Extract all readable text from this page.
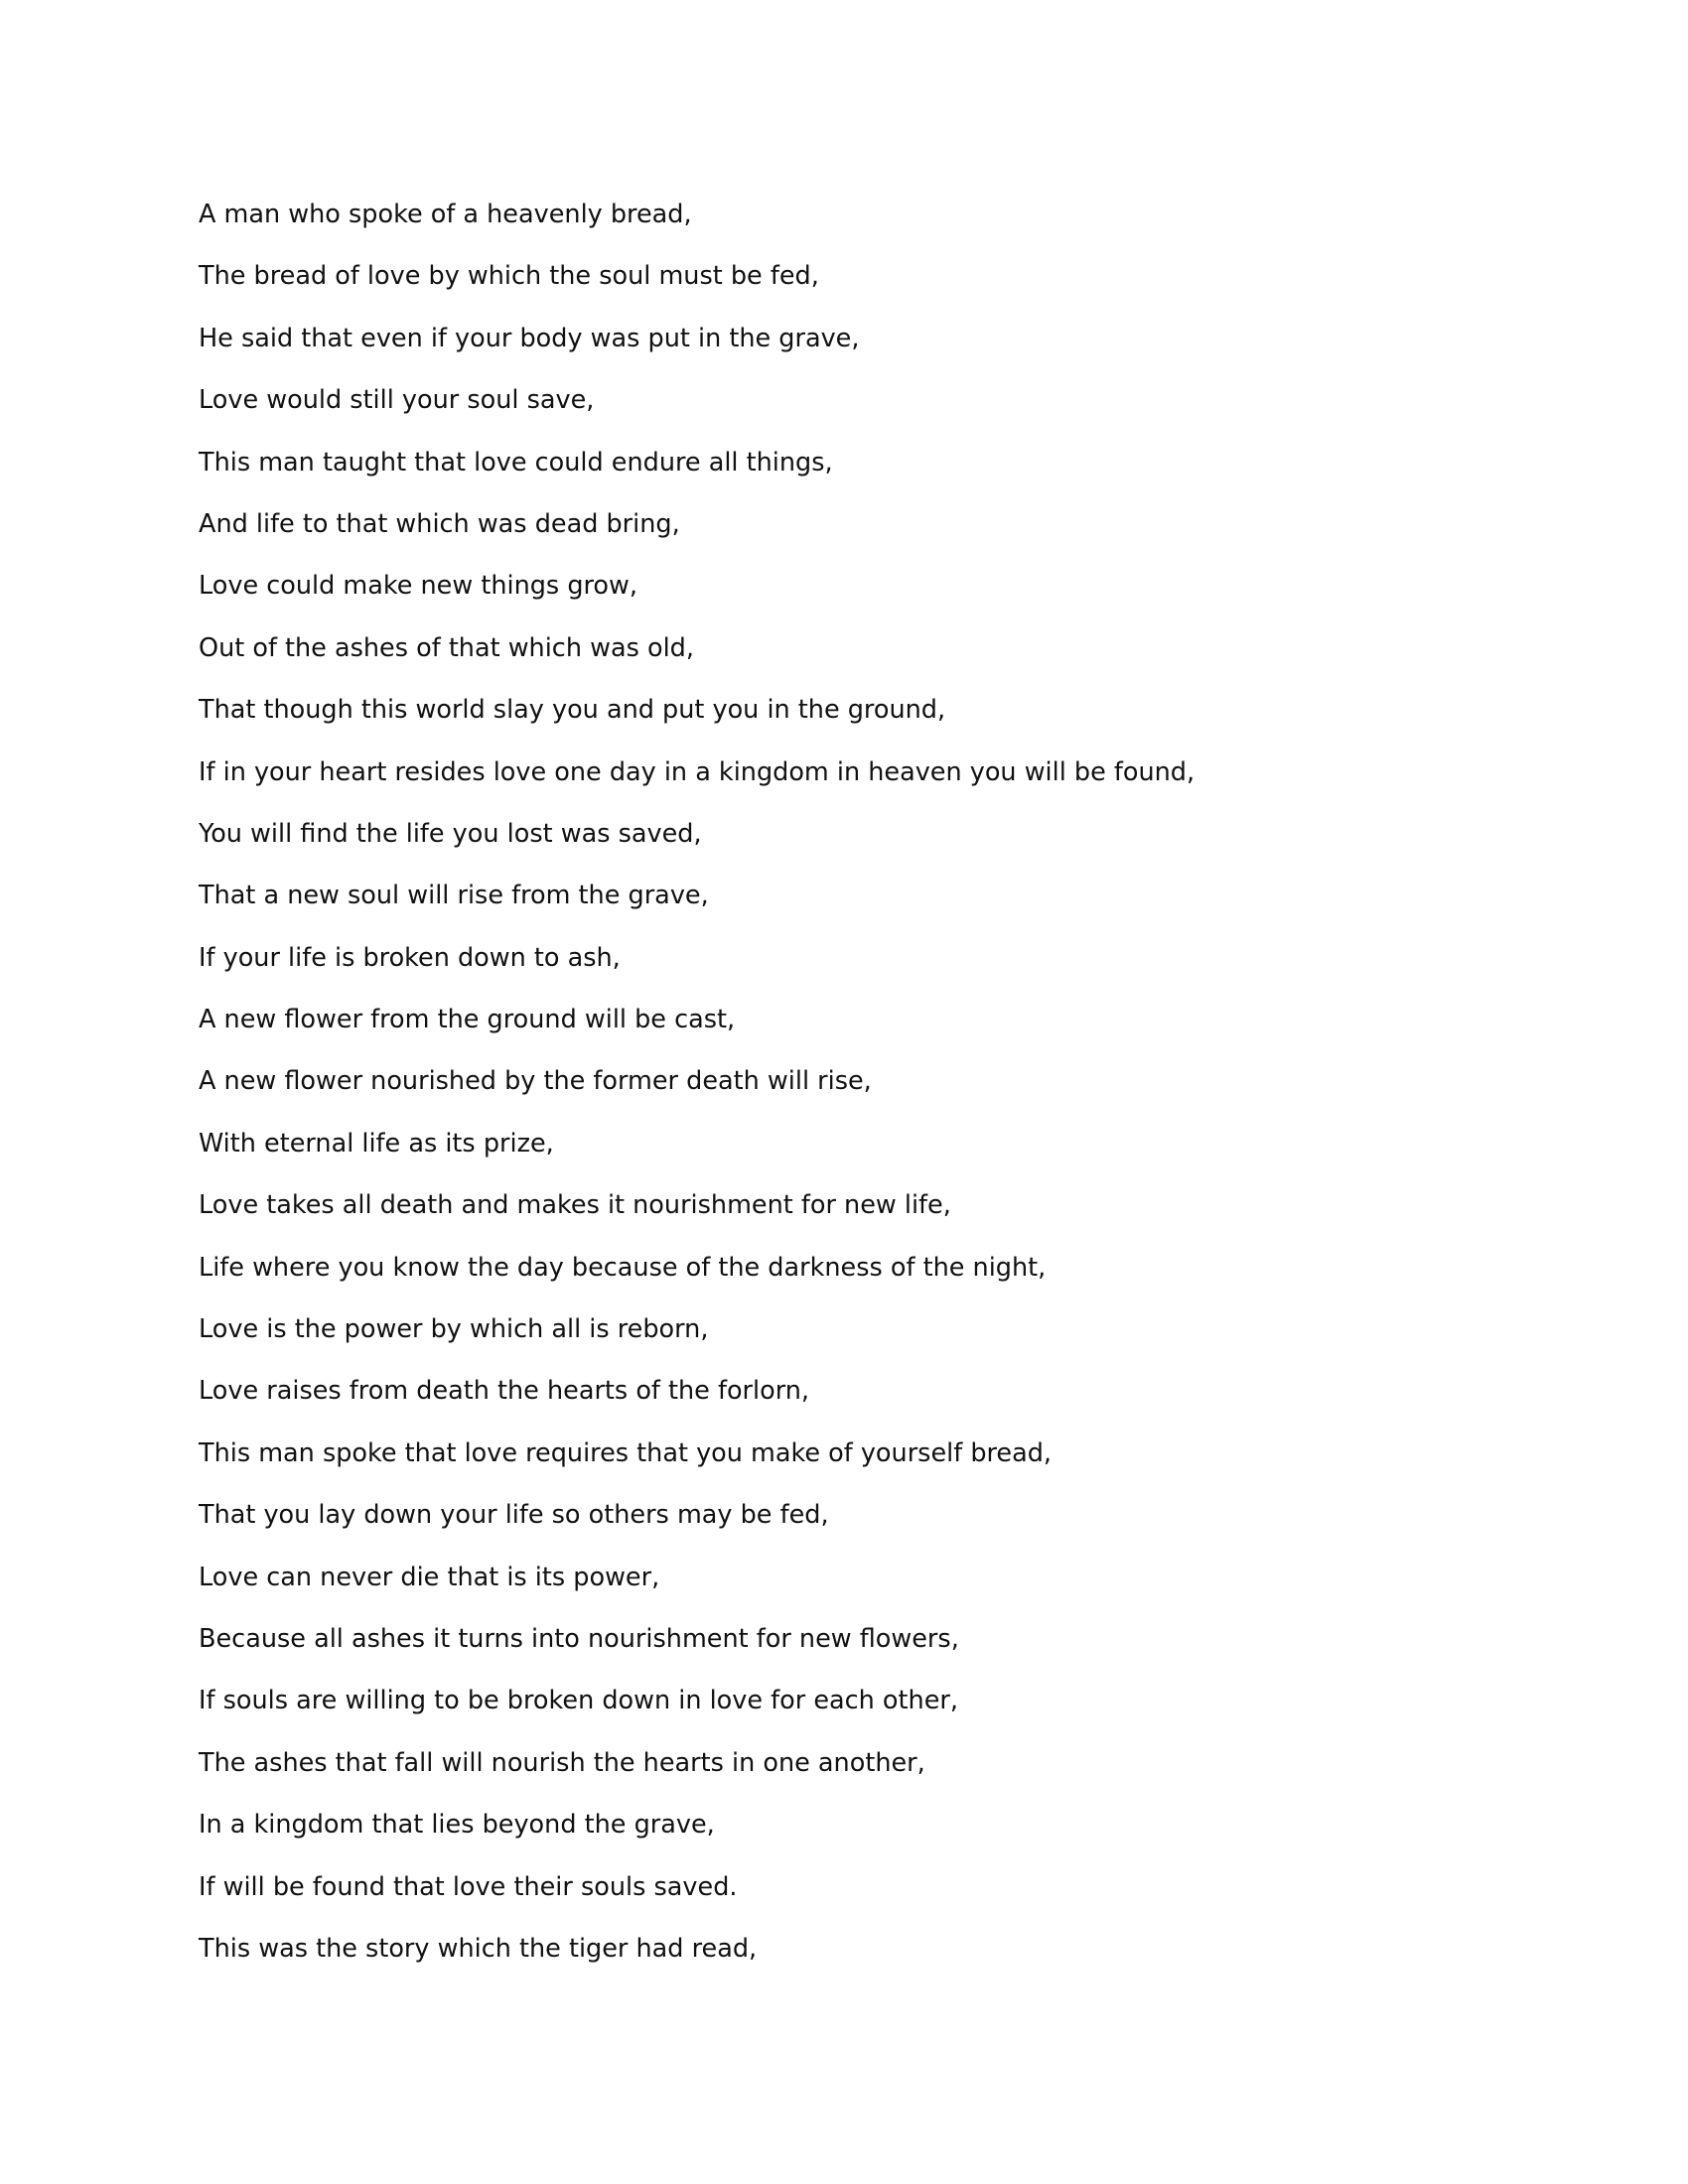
A man who spoke of a heavenly bread,
The bread of love by which the soul must be fed,
He said that even if your body was put in the grave,
Love would still your soul save,
This man taught that love could endure all things,
And life to that which was dead bring,
Love could make new things grow,
Out of the ashes of that which was old,
That though this world slay you and put you in the ground,
If in your heart resides love one day in a kingdom in heaven you will be found,
You will find the life you lost was saved,
That a new soul will rise from the grave,
If your life is broken down to ash,
A new flower from the ground will be cast,
A new flower nourished by the former death will rise,
With eternal life as its prize,
Love takes all death and makes it nourishment for new life,
Life where you know the day because of the darkness of the night,
Love is the power by which all is reborn,
Love raises from death the hearts of the forlorn,
This man spoke that love requires that you make of yourself bread,
That you lay down your life so others may be fed,
Love can never die that is its power,
Because all ashes it turns into nourishment for new flowers,
If souls are willing to be broken down in love for each other,
The ashes that fall will nourish the hearts in one another,
In a kingdom that lies beyond the grave,
If will be found that love their souls saved.
This was the story which the tiger had read,
